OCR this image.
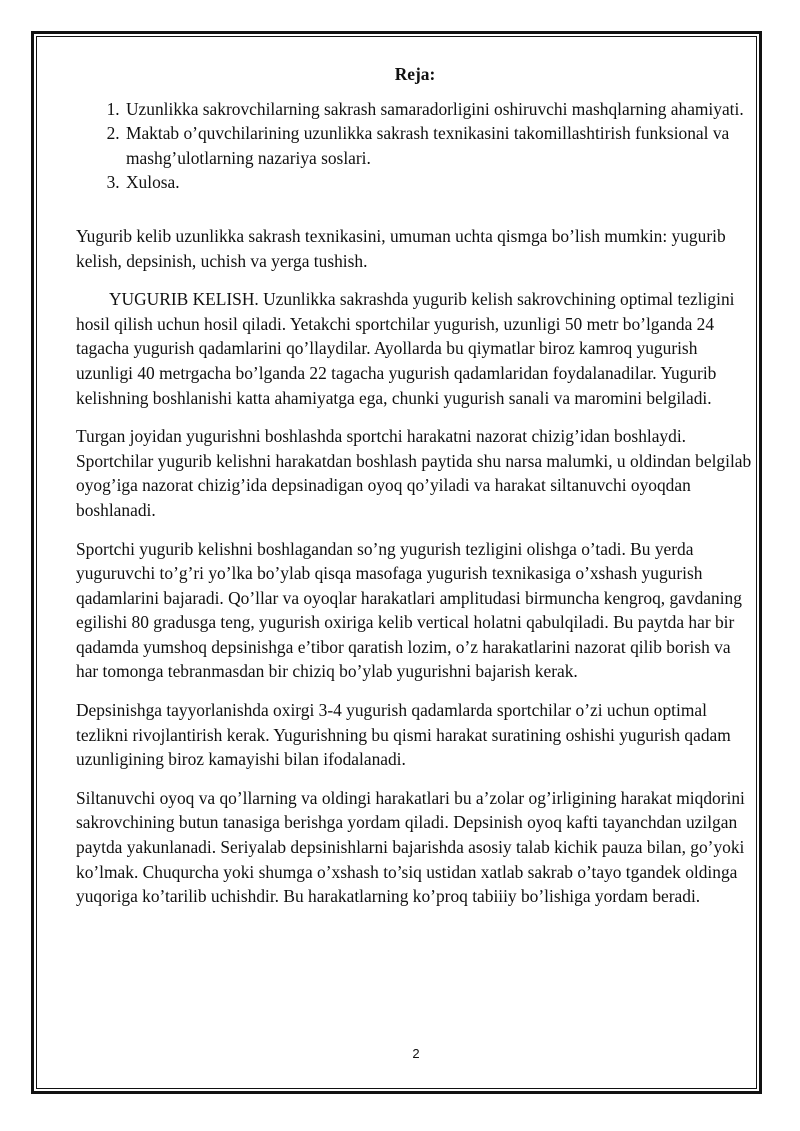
Reja:
1. Uzunlikka sakrovchilarning sakrash samaradorligini oshiruvchi mashqlarning ahamiyati.
2. Maktab o’quvchilarining uzunlikka sakrash texnikasini takomillashtirish funksional va mashg’ulotlarning nazariya soslari.
3. Xulosa.

Yugurib kelib uzunlikka sakrash texnikasini, umuman uchta qismga bo’lish mumkin: yugurib kelish, depsinish, uchish va yerga tushish.

YUGURIB KELISH. Uzunlikka sakrashda yugurib kelish sakrovchining optimal tezligini hosil qilish uchun hosil qiladi. Yetakchi sportchilar yugurish, uzunligi 50 metr bo’lganda 24 tagacha yugurish qadamlarini qo’llaydilar. Ayollarda bu qiymatlar biroz kamroq yugurish uzunligi 40 metrgacha bo’lganda 22 tagacha yugurish qadamlaridan foydalanadilar. Yugurib kelishning boshlanishi katta ahamiyatga ega, chunki yugurish sanali va maromini belgiladi.

Turgan joyidan yugurishni boshlashda sportchi harakatni nazorat chizig’idan boshlaydi. Sportchilar yugurib kelishni harakatdan boshlash paytida shu narsa malumki, u oldindan belgilab oyog’iga nazorat chizig’ida depsinadigan oyoq qo’yiladi va harakat siltanuvchi oyoqdan boshlanadi.

Sportchi yugurib kelishni boshlagandan so’ng yugurish tezligini olishga o’tadi. Bu yerda yuguruvchi to’g’ri yo’lka bo’ylab qisqa masofaga yugurish texnikasiga o’xshash yugurish qadamlarini bajaradi. Qo’llar va oyoqlar harakatlari amplitudasi birmuncha kengroq, gavdaning egilishi 80 gradusga teng, yugurish oxiriga kelib vertical holatni qabulqiladi. Bu paytda har bir qadamda yumshoq depsinishga e’tibor qaratish lozim, o’z harakatlarini nazorat qilib borish va har tomonga tebranmasdan bir chiziq bo’ylab yugurishni bajarish kerak.

Depsinishga tayyorlanishda oxirgi 3-4 yugurish qadamlarda sportchilar o’zi uchun optimal tezlikni rivojlantirish kerak. Yugurishning bu qismi harakat suratining oshishi yugurish qadam uzunligining biroz kamayishi bilan ifodalanadi.

Siltanuvchi oyoq va qo’llarning va oldingi harakatlari bu a’zolar og’irligining harakat miqdorini sakrovchining butun tanasiga berishga yordam qiladi. Depsinish oyoq kafti tayanchdan uzilgan paytda yakunlanadi. Seriyalab depsinishlarni bajarishda asosiy talab kichik pauza bilan, go’yoki ko’lmak. Chuqurcha yoki shumga o’xshash to’siq ustidan xatlab sakrab o’tayo tgandek oldinga yuqoriga ko’tarilib uchishdir. Bu harakatlarning ko’proq tabiiiy bo’lishiga yordam beradi.

2
